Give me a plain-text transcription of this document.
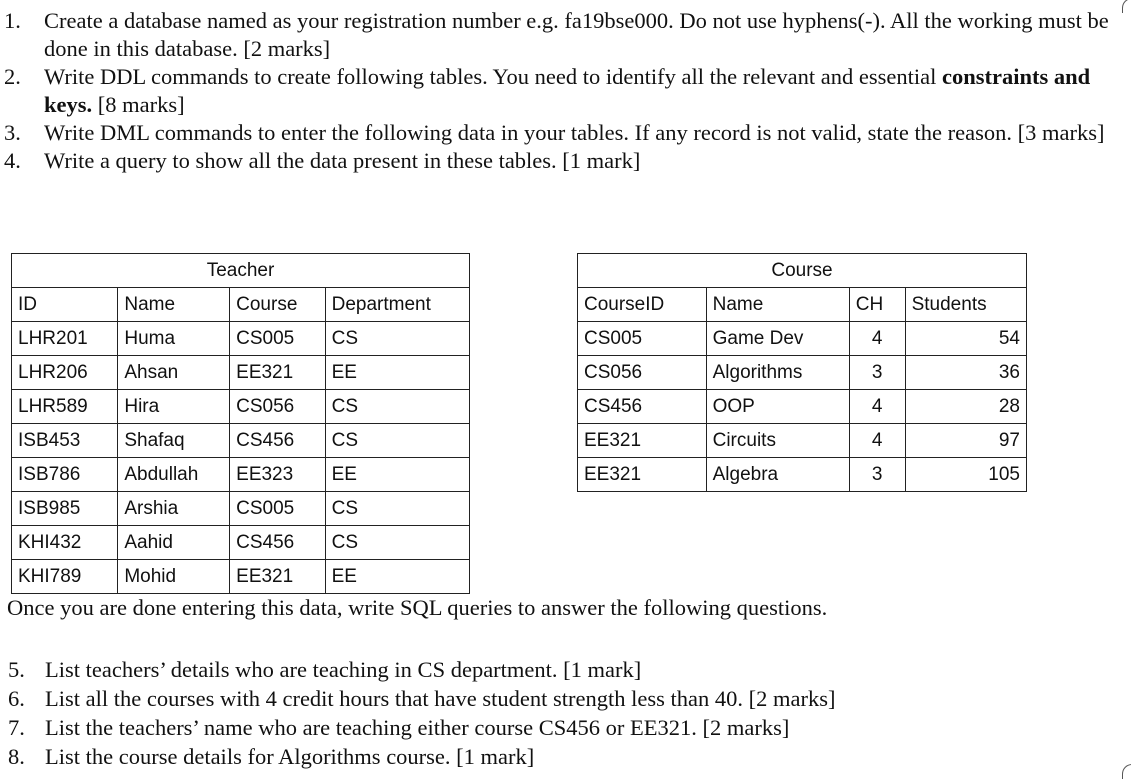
1. Create a database named as your registration number e.g. fa19bse000. Do not use hyphens(-). All the working must be done in this database. [2 marks]
2. Write DDL commands to create following tables. You need to identify all the relevant and essential constraints and keys. [8 marks]
3. Write DML commands to enter the following data in your tables. If any record is not valid, state the reason. [3 marks]
4. Write a query to show all the data present in these tables. [1 mark]
Teacher			
ID	Name	Course	Department
LHR201	Huma	CS005	CS
LHR206	Ahsan	EE321	EE
LHR589	Hira	CS056	CS
ISB453	Shafaq	CS456	CS
ISB786	Abdullah	EE323	EE
ISB985	Arshia	CS005	CS
KHI432	Aahid	CS456	CS
KHI789	Mohid	EE321	EE
Course			
CourseID	Name	CH	Students
CS005	Game Dev	4	54
CS056	Algorithms	3	36
CS456	OOP	4	28
EE321	Circuits	4	97
EE321	Algebra	3	105
Once you are done entering this data, write SQL queries to answer the following questions.
5. List teachers’ details who are teaching in CS department. [1 mark]
6. List all the courses with 4 credit hours that have student strength less than 40. [2 marks]
7. List the teachers’ name who are teaching either course CS456 or EE321. [2 marks]
8. List the course details for Algorithms course. [1 mark]
